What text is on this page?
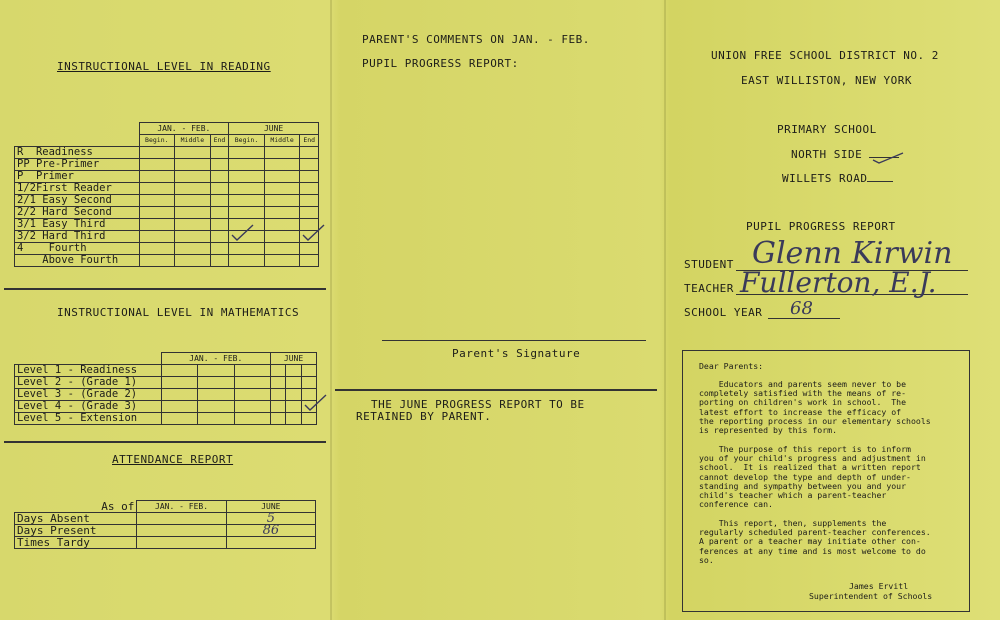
INSTRUCTIONAL LEVEL IN READING
	JAN. - FEB.			JUNE		
	Begin.	Middle	End	Begin.	Middle	End
R  Readiness						
PP Pre-Primer						
P  Primer						
1/2First Reader						
2/1 Easy Second						
2/2 Hard Second						
3/1 Easy Third						
3/2 Hard Third				

4    Fourth						
Above Fourth						
INSTRUCTIONAL LEVEL IN MATHEMATICS
	JAN. - FEB.			JUNE		
Level 1 - Readiness						
Level 2 - (Grade 1)						
Level 3 - (Grade 2)						
Level 4 - (Grade 3)						

Level 5 - Extension						
ATTENDANCE REPORT
As of	JAN. - FEB.	JUNE
Days Absent		5
Days Present		86
Times Tardy		
PARENT'S COMMENTS ON JAN. - FEB.
PUPIL PROGRESS REPORT:
Parent's Signature
THE JUNE PROGRESS REPORT TO BE
RETAINED BY PARENT.
UNION FREE SCHOOL DISTRICT NO. 2
EAST WILLISTON, NEW YORK
PRIMARY SCHOOL
NORTH SIDE
WILLETS ROAD
PUPIL PROGRESS REPORT
STUDENT Glenn Kirwin
TEACHER Fullerton, E.J.
SCHOOL YEAR 68

Dear Parents:

Educators and parents seem never to be
completely satisfied with the means of re-
porting on children's work in school.  The
latest effort to increase the efficacy of
the reporting process in our elementary schools
is represented by this form.

The purpose of this report is to inform
you of your child's progress and adjustment in
school.  It is realized that a written report
cannot develop the type and depth of under-
standing and sympathy between you and your
child's teacher which a parent-teacher
conference can.

This report, then, supplements the
regularly scheduled parent-teacher conferences.
A parent or a teacher may initiate other con-
ferences at any time and is most welcome to do
so.

James Ervitl

Superintendent of Schools
